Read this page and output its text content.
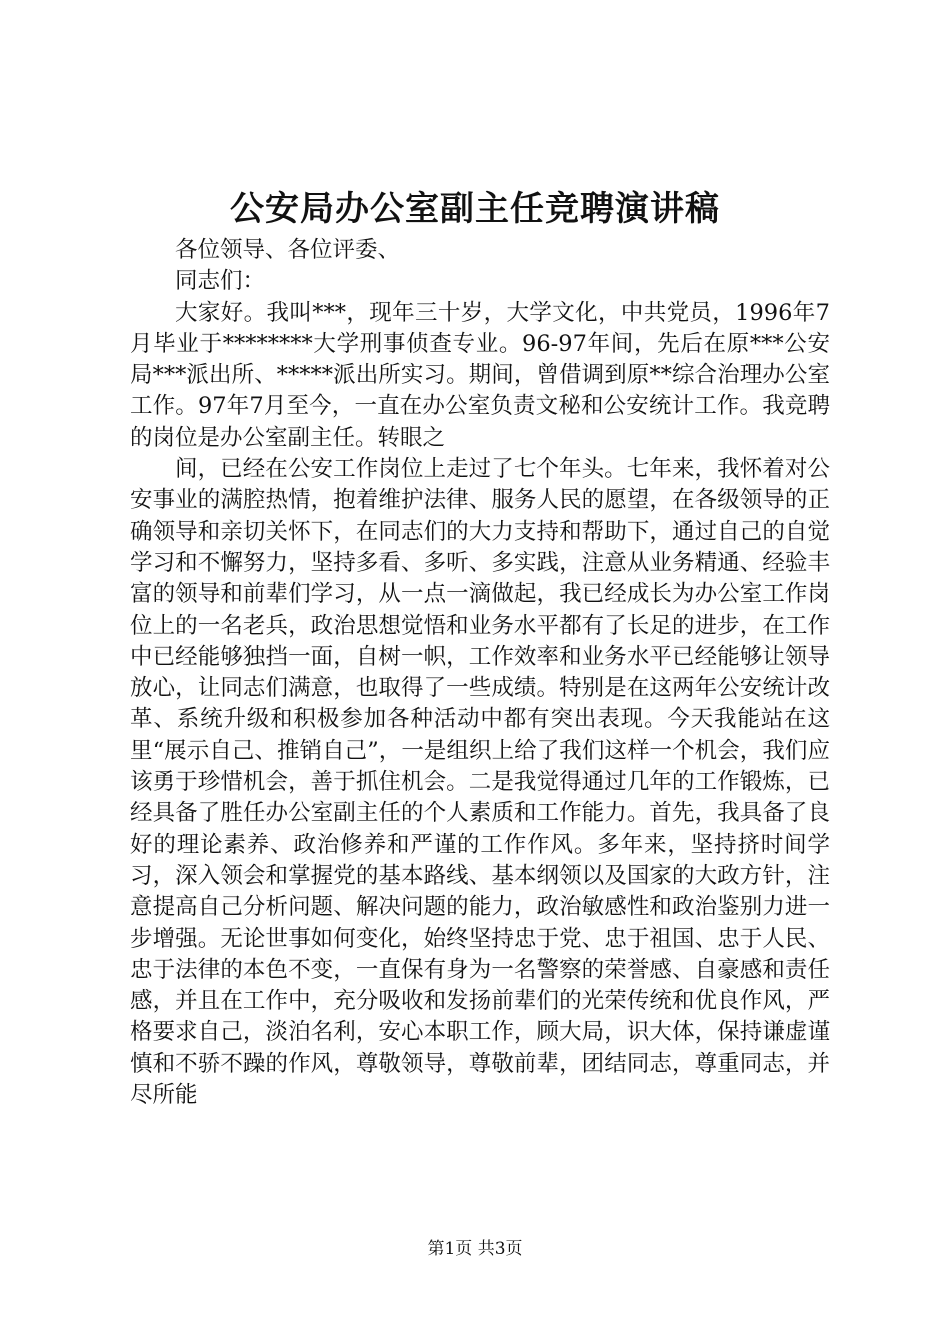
公安局办公室副主任竞聘演讲稿

各位领导、各位评委、

同志们：

大家好。我叫***，现年三十岁，大学文化，中共党员，1996年7月毕业于********大学刑事侦查专业。96-97年间，先后在原***公安局***派出所、*****派出所实习。期间，曾借调到原**综合治理办公室工作。97年7月至今，一直在办公室负责文秘和公安统计工作。我竞聘的岗位是办公室副主任。转眼之

间，已经在公安工作岗位上走过了七个年头。七年来，我怀着对公安事业的满腔热情，抱着维护法律、服务人民的愿望，在各级领导的正确领导和亲切关怀下，在同志们的大力支持和帮助下，通过自己的自觉学习和不懈努力，坚持多看、多听、多实践，注意从业务精通、经验丰富的领导和前辈们学习，从一点一滴做起，我已经成长为办公室工作岗位上的一名老兵，政治思想觉悟和业务水平都有了长足的进步，在工作中已经能够独挡一面，自树一帜，工作效率和业务水平已经能够让领导放心，让同志们满意，也取得了一些成绩。特别是在这两年公安统计改革、系统升级和积极参加各种活动中都有突出表现。今天我能站在这里“展示自己、推销自己”，一是组织上给了我们这样一个机会，我们应该勇于珍惜机会，善于抓住机会。二是我觉得通过几年的工作锻炼，已经具备了胜任办公室副主任的个人素质和工作能力。首先，我具备了良好的理论素养、政治修养和严谨的工作作风。多年来，坚持挤时间学习，深入领会和掌握党的基本路线、基本纲领以及国家的大政方针，注意提高自己分析问题、解决问题的能力，政治敏感性和政治鉴别力进一步增强。无论世事如何变化，始终坚持忠于党、忠于祖国、忠于人民、忠于法律的本色不变，一直保有身为一名警察的荣誉感、自豪感和责任感，并且在工作中，充分吸收和发扬前辈们的光荣传统和优良作风，严格要求自己，淡泊名利，安心本职工作，顾大局，识大体，保持谦虚谨慎和不骄不躁的作风，尊敬领导，尊敬前辈，团结同志，尊重同志，并尽所能

第1页 共3页
